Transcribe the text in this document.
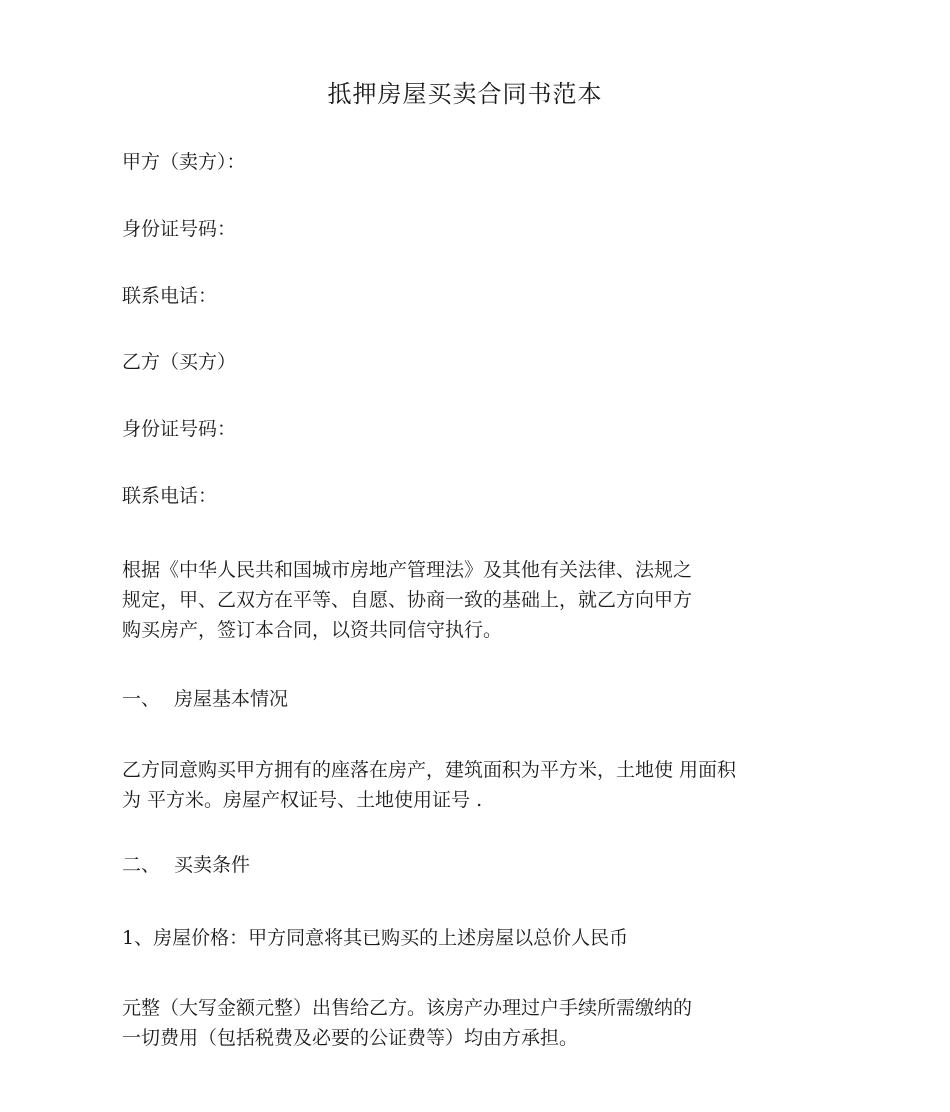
抵押房屋买卖合同书范本

甲方（卖方）：

身份证号码：

联系电话：

乙方（买方）

身份证号码：

联系电话：

根据《中华人民共和国城市房地产管理法》及其他有关法律、法规之
规定，甲、乙双方在平等、自愿、协商一致的基础上，就乙方向甲方
购买房产，签订本合同，以资共同信守执行。

一、 房屋基本情况

乙方同意购买甲方拥有的座落在房产，建筑面积为平方米，土地使 用面积
为 平方米。房屋产权证号、土地使用证号 .

二、 买卖条件

1、房屋价格：甲方同意将其已购买的上述房屋以总价人民币

元整（大写金额元整）出售给乙方。该房产办理过户手续所需缴纳的
一切费用（包括税费及必要的公证费等）均由方承担。
